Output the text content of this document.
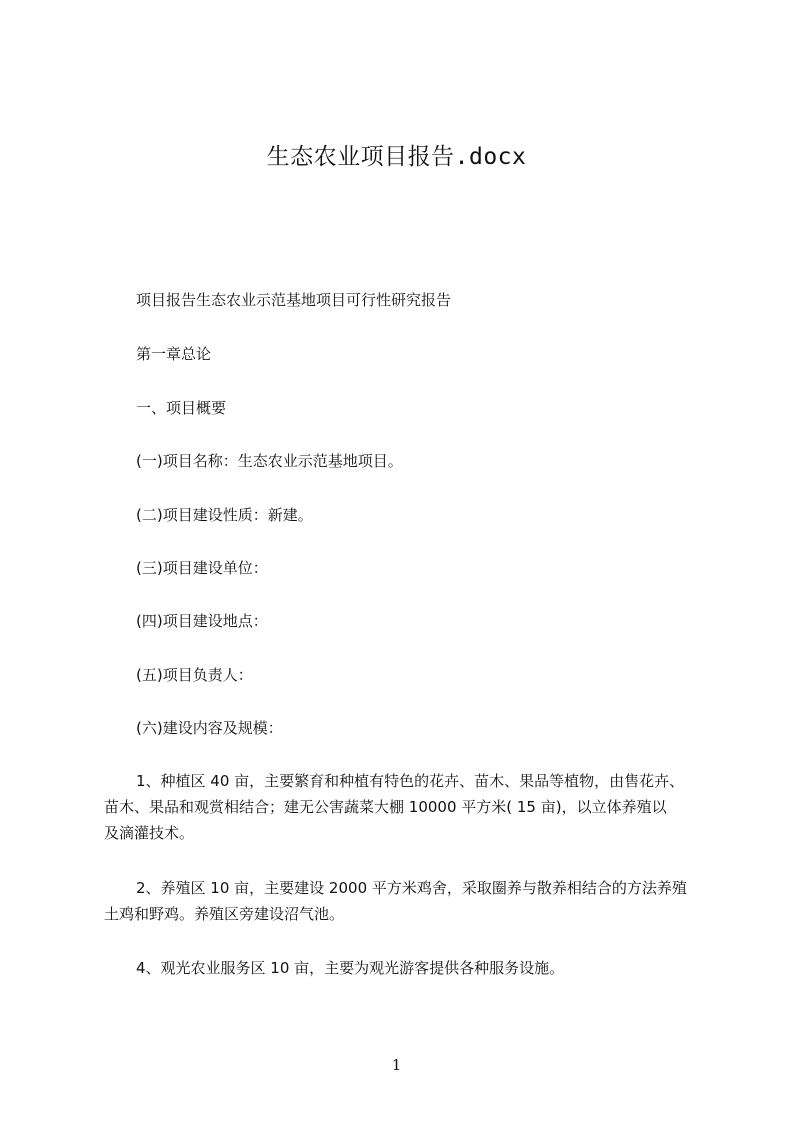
生态农业项目报告.docx
项目报告生态农业示范基地项目可行性研究报告
第一章总论
一、项目概要
(一)项目名称：生态农业示范基地项目。
(二)项目建设性质：新建。
(三)项目建设单位：
(四)项目建设地点：
(五)项目负责人：
(六)建设内容及规模：
1、种植区 40 亩，主要繁育和种植有特色的花卉、苗木、果品等植物，由售花卉、
苗木、果品和观赏相结合；建无公害蔬菜大棚 10000 平方米( 15 亩)，以立体养殖以
及滴灌技术。
2、养殖区 10 亩，主要建设 2000 平方米鸡舍，采取圈养与散养相结合的方法养殖
土鸡和野鸡。养殖区旁建设沼气池。
4、观光农业服务区 10 亩，主要为观光游客提供各种服务设施。
1
